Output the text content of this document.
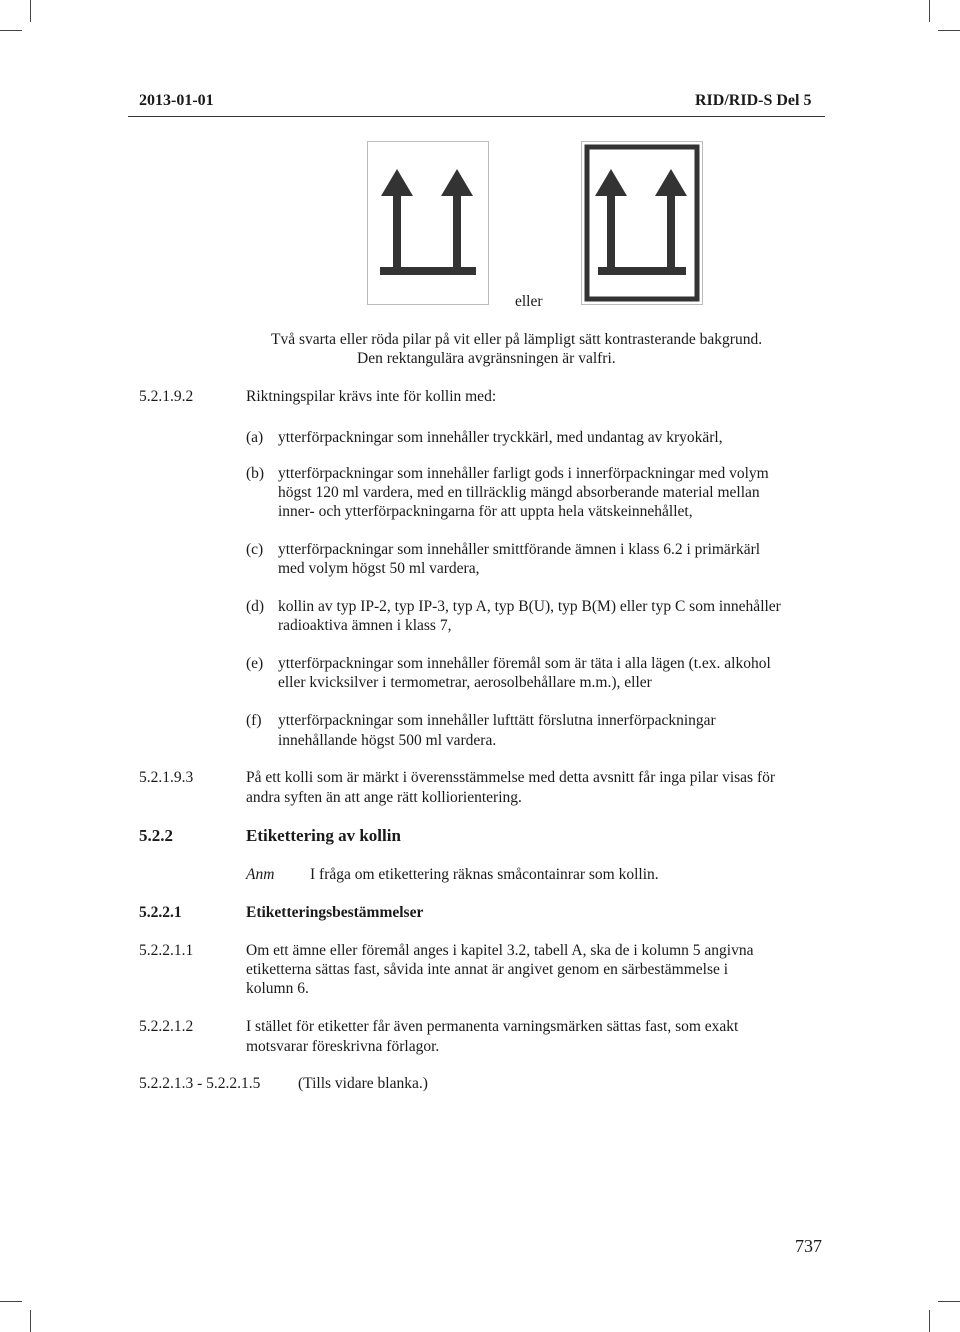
2013-01-01	RID/RID-S Del 5
eller
Två svarta eller röda pilar på vit eller på lämpligt sätt kontrasterande bakgrund.
Den rektangulära avgränsningen är valfri.
5.2.1.9.2	Riktningspilar krävs inte för kollin med:
(a) ytterförpackningar som innehåller tryckkärl, med undantag av kryokärl,
(b) ytterförpackningar som innehåller farligt gods i innerförpackningar med volym
högst 120 ml vardera, med en tillräcklig mängd absorberande material mellan
inner- och ytterförpackningarna för att uppta hela vätskeinnehållet,
(c) ytterförpackningar som innehåller smittförande ämnen i klass 6.2 i primärkärl
med volym högst 50 ml vardera,
(d) kollin av typ IP-2, typ IP-3, typ A, typ B(U), typ B(M) eller typ C som innehåller
radioaktiva ämnen i klass 7,
(e) ytterförpackningar som innehåller föremål som är täta i alla lägen (t.ex. alkohol
eller kvicksilver i termometrar, aerosolbehållare m.m.), eller
(f) ytterförpackningar som innehåller lufttätt förslutna innerförpackningar
innehållande högst 500 ml vardera.
5.2.1.9.3	På ett kolli som är märkt i överensstämmelse med detta avsnitt får inga pilar visas för
andra syften än att ange rätt kolliorientering.
5.2.2	Etikettering av kollin
Anm I fråga om etikettering räknas småcontainrar som kollin.
5.2.2.1	Etiketteringsbestämmelser
5.2.2.1.1	Om ett ämne eller föremål anges i kapitel 3.2, tabell A, ska de i kolumn 5 angivna
etiketterna sättas fast, såvida inte annat är angivet genom en särbestämmelse i
kolumn 6.
5.2.2.1.2	I stället för etiketter får även permanenta varningsmärken sättas fast, som exakt
motsvarar föreskrivna förlagor.
5.2.2.1.3 - 5.2.2.1.5 (Tills vidare blanka.)
737
